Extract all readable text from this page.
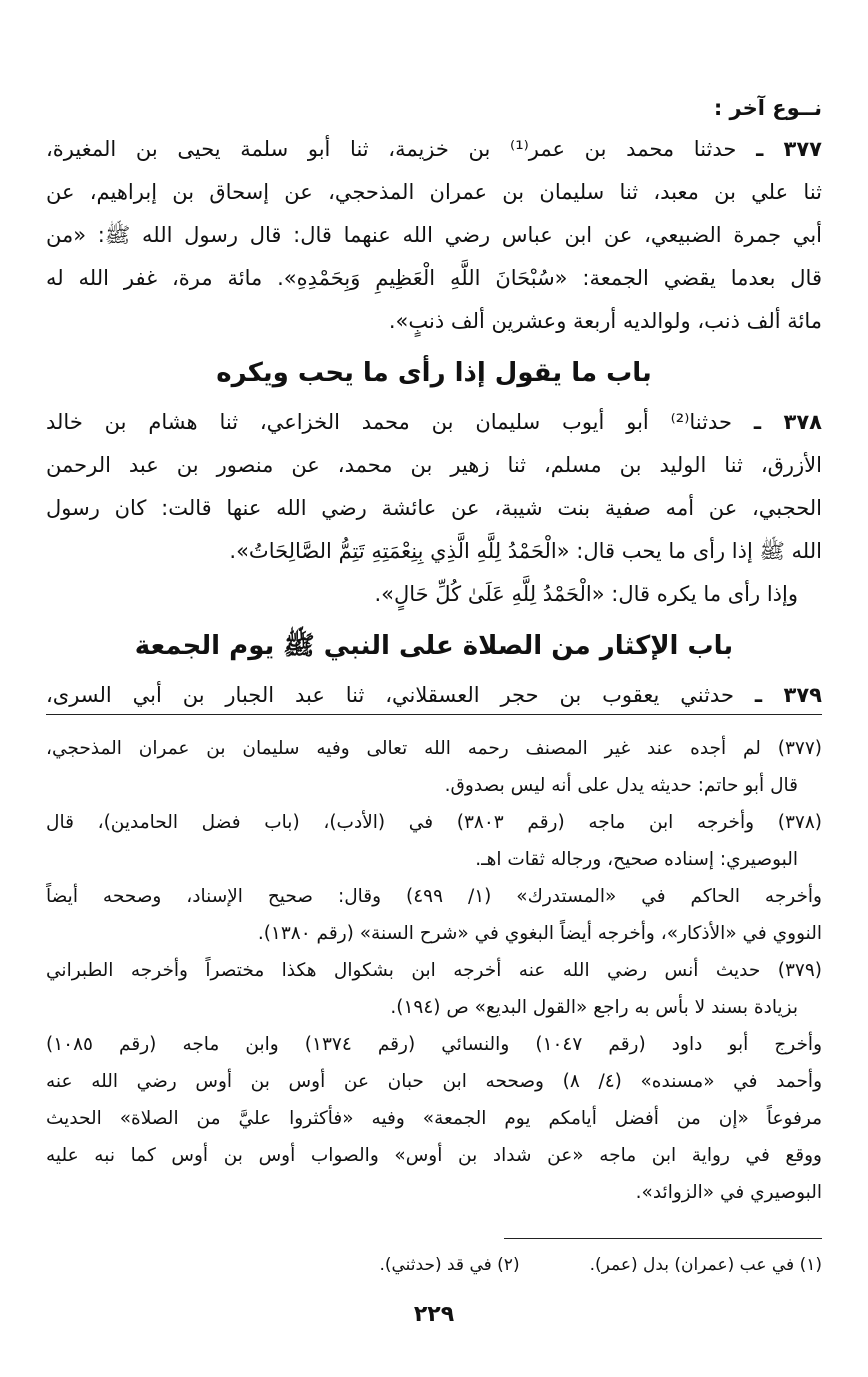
نــوع آخر :
٣٧٧ ـ حدثنا محمد بن عمر⁽¹⁾ بن خزيمة، ثنا أبو سلمة يحيى بن المغيرة،
ثنا علي بن معبد، ثنا سليمان بن عمران المذحجي، عن إسحاق بن إبراهيم، عن
أبي جمرة الضبيعي، عن ابن عباس رضي الله عنهما قال: قال رسول الله ﷺ: «من
قال بعدما يقضي الجمعة: «سُبْحَانَ اللَّهِ الْعَظِيمِ وَبِحَمْدِهِ». مائة مرة، غفر الله له
مائة ألف ذنب، ولوالديه أربعة وعشرين ألف ذنبٍ».
باب ما يقول إذا رأى ما يحب ويكره
٣٧٨ ـ حدثنا⁽²⁾ أبو أيوب سليمان بن محمد الخزاعي، ثنا هشام بن خالد
الأزرق، ثنا الوليد بن مسلم، ثنا زهير بن محمد، عن منصور بن عبد الرحمن
الحجبي، عن أمه صفية بنت شيبة، عن عائشة رضي الله عنها قالت: كان رسول
الله ﷺ إذا رأى ما يحب قال: «الْحَمْدُ لِلَّهِ الَّذِي بِنِعْمَتِهِ تَتِمُّ الصَّالِحَاتُ».
وإذا رأى ما يكره قال: «الْحَمْدُ لِلَّهِ عَلَىٰ كُلِّ حَالٍ».
باب الإكثار من الصلاة على النبي ﷺ يوم الجمعة
٣٧٩ ـ حدثني يعقوب بن حجر العسقلاني، ثنا عبد الجبار بن أبي السرى،
(٣٧٧) لم أجده عند غير المصنف رحمه الله تعالى وفيه سليمان بن عمران المذحجي،
قال أبو حاتم: حديثه يدل على أنه ليس بصدوق.
(٣٧٨) وأخرجه ابن ماجه (رقم ٣٨٠٣) في (الأدب)، (باب فضل الحامدين)، قال
البوصيري: إسناده صحيح، ورجاله ثقات اهـ.
وأخرجه الحاكم في «المستدرك» (١/ ٤٩٩) وقال: صحيح الإسناد، وصححه أيضاً
النووي في «الأذكار»، وأخرجه أيضاً البغوي في «شرح السنة» (رقم ١٣٨٠).
(٣٧٩) حديث أنس رضي الله عنه أخرجه ابن بشكوال هكذا مختصراً وأخرجه الطبراني
بزيادة بسند لا بأس به راجع «القول البديع» ص (١٩٤).
وأخرج أبو داود (رقم ١٠٤٧) والنسائي (رقم ١٣٧٤) وابن ماجه (رقم ١٠٨٥)
وأحمد في «مسنده» (٤/ ٨) وصححه ابن حبان عن أوس بن أوس رضي الله عنه
مرفوعاً «إن من أفضل أيامكم يوم الجمعة» وفيه «فأكثروا عليَّ من الصلاة» الحديث
ووقع في رواية ابن ماجه «عن شداد بن أوس» والصواب أوس بن أوس كما نبه عليه
البوصيري في «الزوائد».
(١) في عب (عمران) بدل (عمر).
(٢) في قد (حدثني).
٢٢٩
